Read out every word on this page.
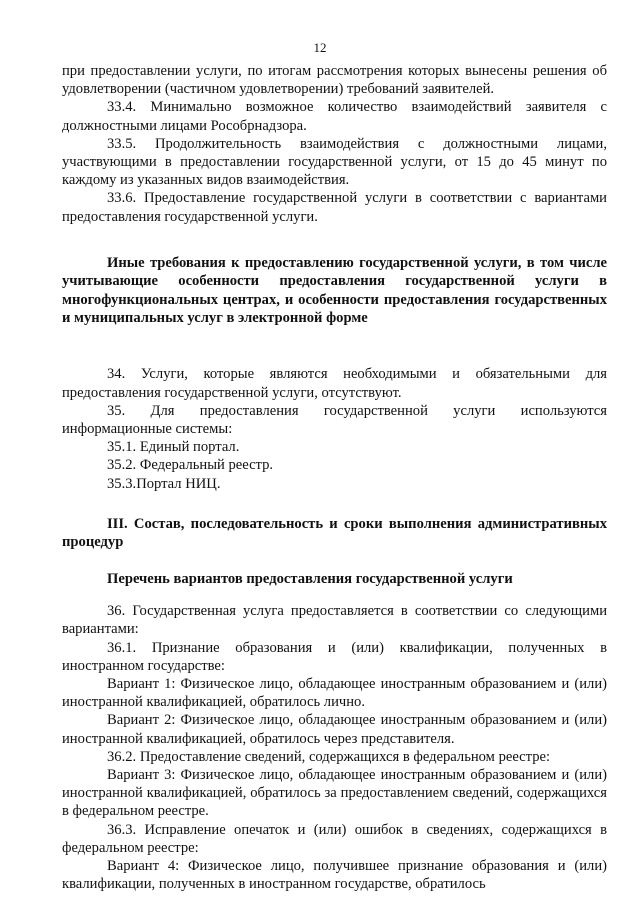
12

при предоставлении услуги, по итогам рассмотрения которых вынесены решения об удовлетворении (частичном удовлетворении) требований заявителей.

33.4. Минимально возможное количество взаимодействий заявителя с должностными лицами Рособрнадзора.

33.5. Продолжительность взаимодействия с должностными лицами, участвующими в предоставлении государственной услуги, от 15 до 45 минут по каждому из указанных видов взаимодействия.

33.6. Предоставление государственной услуги в соответствии с вариантами предоставления государственной услуги.

Иные требования к предоставлению государственной услуги, в том числе учитывающие особенности предоставления государственной услуги в многофункциональных центрах, и особенности предоставления государственных и муниципальных услуг в электронной форме

34. Услуги, которые являются необходимыми и обязательными для предоставления государственной услуги, отсутствуют.

35. Для предоставления государственной услуги используются информационные системы:

35.1. Единый портал.

35.2. Федеральный реестр.

35.3.Портал НИЦ.

III. Состав, последовательность и сроки выполнения административных процедур

Перечень вариантов предоставления государственной услуги

36. Государственная услуга предоставляется в соответствии со следующими вариантами:

36.1. Признание образования и (или) квалификации, полученных в иностранном государстве:

Вариант 1: Физическое лицо, обладающее иностранным образованием и (или) иностранной квалификацией, обратилось лично.

Вариант 2: Физическое лицо, обладающее иностранным образованием и (или) иностранной квалификацией, обратилось через представителя.

36.2. Предоставление сведений, содержащихся в федеральном реестре:

Вариант 3: Физическое лицо, обладающее иностранным образованием и (или) иностранной квалификацией, обратилось за предоставлением сведений, содержащихся в федеральном реестре.

36.3. Исправление опечаток и (или) ошибок в сведениях, содержащихся в федеральном реестре:

Вариант 4: Физическое лицо, получившее признание образования и (или) квалификации, полученных в иностранном государстве, обратилось
